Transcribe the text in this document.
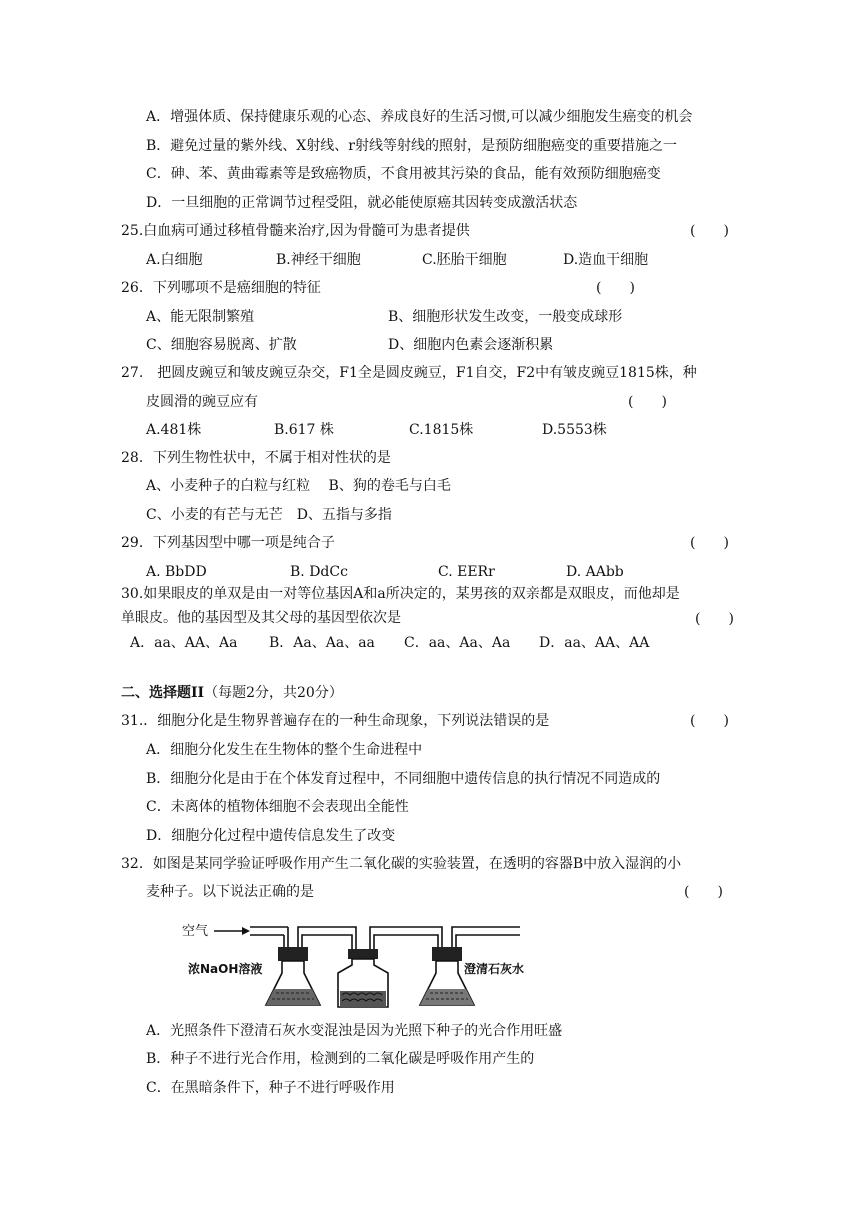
A．增强体质、保持健康乐观的心态、养成良好的生活习惯,可以减少细胞发生癌变的机会
B．避免过量的紫外线、X射线、r射线等射线的照射，是预防细胞癌变的重要措施之一
C．砷、苯、黄曲霉素等是致癌物质，不食用被其污染的食品，能有效预防细胞癌变
D．一旦细胞的正常调节过程受阻，就必能使原癌其因转变成激活状态
25.白血病可通过移植骨髓来治疗,因为骨髓可为患者提供	(　　)
A.白细胞	B.神经干细胞	C.胚胎干细胞	D.造血干细胞
26．下列哪项不是癌细胞的特征	(　　)
A、能无限制繁殖	B、细胞形状发生改变，一般变成球形
C、细胞容易脱离、扩散	D、细胞内色素会逐渐积累
27.　把圆皮豌豆和皱皮豌豆杂交，F1全是圆皮豌豆，F1自交，F2中有皱皮豌豆1815株，种
皮圆滑的豌豆应有	(　　)
A.481株	B.617 株	C.1815株	D.5553株
28．下列生物性状中，不属于相对性状的是
A、小麦种子的白粒与红粒　 B、狗的卷毛与白毛
C、小麦的有芒与无芒　D、五指与多指
29．下列基因型中哪一项是纯合子	(　　)
A. BbDD	B. DdCc	C. EERr	D. AAbb
30.如果眼皮的单双是由一对等位基因A和a所决定的，某男孩的双亲都是双眼皮，而他却是
单眼皮。他的基因型及其父母的基因型依次是	(　　)
A．aa、AA、Aa B．Aa、Aa、aa C．aa、Aa、Aa D．aa、AA、AA
二、选择题II（每题2分，共20分）
31.．细胞分化是生物界普遍存在的一种生命现象，下列说法错误的是	(　　)
A．细胞分化发生在生物体的整个生命进程中
B．细胞分化是由于在个体发育过程中，不同细胞中遗传信息的执行情况不同造成的
C．未离体的植物体细胞不会表现出全能性
D．细胞分化过程中遗传信息发生了改变
32．如图是某同学验证呼吸作用产生二氧化碳的实验装置，在透明的容器B中放入湿润的小
麦种子。以下说法正确的是	(　　)
空气
浓NaOH溶液	澄清石灰水
A．光照条件下澄清石灰水变混浊是因为光照下种子的光合作用旺盛
B．种子不进行光合作用，检测到的二氧化碳是呼吸作用产生的
C．在黑暗条件下，种子不进行呼吸作用
